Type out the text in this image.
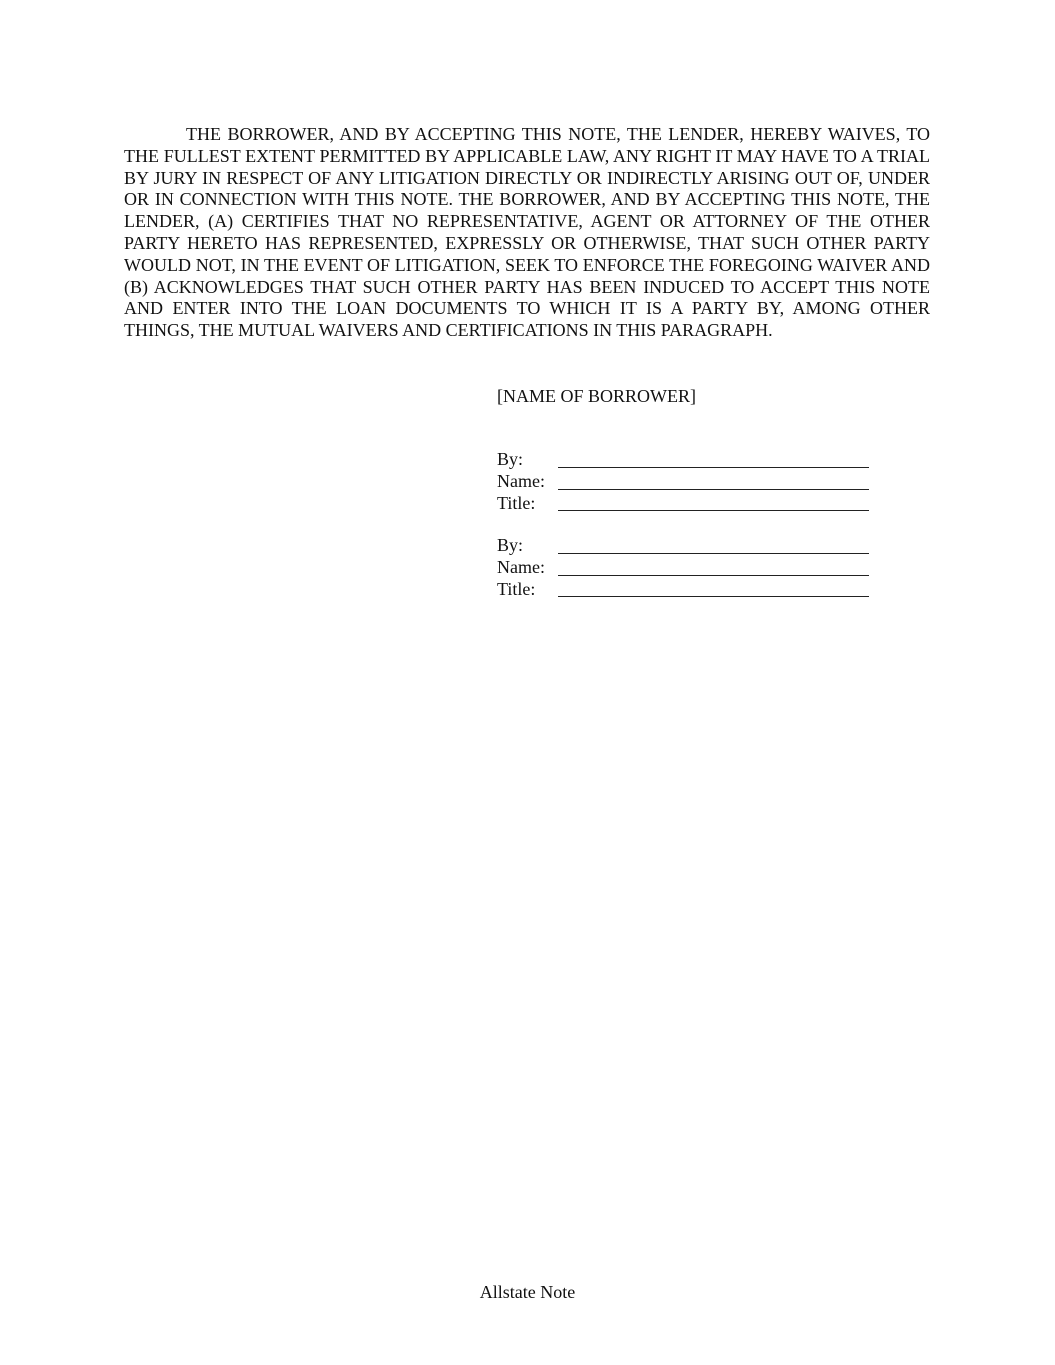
THE BORROWER, AND BY ACCEPTING THIS NOTE, THE LENDER, HEREBY WAIVES, TO THE FULLEST EXTENT PERMITTED BY APPLICABLE LAW, ANY RIGHT IT MAY HAVE TO A TRIAL BY JURY IN RESPECT OF ANY LITIGATION DIRECTLY OR INDIRECTLY ARISING OUT OF, UNDER OR IN CONNECTION WITH THIS NOTE. THE BORROWER, AND BY ACCEPTING THIS NOTE, THE LENDER, (A) CERTIFIES THAT NO REPRESENTATIVE, AGENT OR ATTORNEY OF THE OTHER PARTY HERETO HAS REPRESENTED, EXPRESSLY OR OTHERWISE, THAT SUCH OTHER PARTY WOULD NOT, IN THE EVENT OF LITIGATION, SEEK TO ENFORCE THE FOREGOING WAIVER AND (B) ACKNOWLEDGES THAT SUCH OTHER PARTY HAS BEEN INDUCED TO ACCEPT THIS NOTE AND ENTER INTO THE LOAN DOCUMENTS TO WHICH IT IS A PARTY BY, AMONG OTHER THINGS, THE MUTUAL WAIVERS AND CERTIFICATIONS IN THIS PARAGRAPH.

[NAME OF BORROWER]
By:
Name:
Title:
By:
Name:
Title:
Allstate Note
